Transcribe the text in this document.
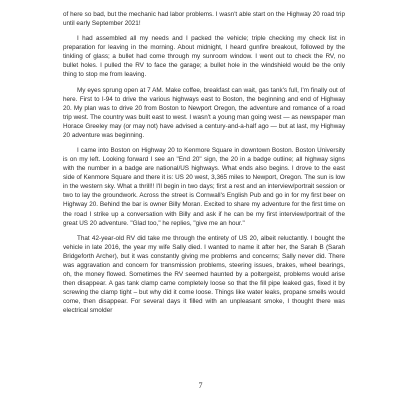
of here so bad, but the mechanic had labor problems. I wasn't able start on the Highway 20 road trip until early September 2021!

I had assembled all my needs and I packed the vehicle; triple checking my check list in preparation for leaving in the morning. About midnight, I heard gunfire breakout, followed by the tinkling of glass; a bullet had come through my sunroom window. I went out to check the RV, no bullet holes. I pulled the RV to face the garage; a bullet hole in the windshield would be the only thing to stop me from leaving.

My eyes sprung open at 7 AM. Make coffee, breakfast can wait, gas tank's full, I'm finally out of here. First to I-94 to drive the various highways east to Boston, the beginning and end of Highway 20. My plan was to drive 20 from Boston to Newport Oregon, the adventure and romance of a road trip west. The country was built east to west. I wasn't a young man going west — as newspaper man Horace Greeley may (or may not) have advised a century-and-a-half ago — but at last, my Highway 20 adventure was beginning.

I came into Boston on Highway 20 to Kenmore Square in downtown Boston. Boston University is on my left. Looking forward I see an "End 20" sign, the 20 in a badge outline; all highway signs with the number in a badge are national/US highways. What ends also begins. I drove to the east side of Kenmore Square and there it is: US 20 west, 3,365 miles to Newport, Oregon. The sun is low in the western sky. What a thrill!! I'll begin in two days; first a rest and an interview/portrait session or two to lay the groundwork. Across the street is Cornwall's English Pub and go in for my first beer on Highway 20. Behind the bar is owner Billy Moran. Excited to share my adventure for the first time on the road I strike up a conversation with Billy and ask if he can be my first interview/portrait of the great US 20 adventure. "Glad too," he replies, "give me an hour."

That 42-year-old RV did take me through the entirety of US 20, albeit reluctantly. I bought the vehicle in late 2016, the year my wife Sally died. I wanted to name it after her, the Sarah B (Sarah Bridgeforth Archer), but it was constantly giving me problems and concerns; Sally never did. There was aggravation and concern for transmission problems, steering issues, brakes, wheel bearings, oh, the money flowed. Sometimes the RV seemed haunted by a poltergeist, problems would arise then disappear. A gas tank clamp came completely loose so that the fill pipe leaked gas, fixed it by screwing the clamp tight – but why did it come loose. Things like water leaks, propane smells would come, then disappear. For several days it filled with an unpleasant smoke, I thought there was electrical smolder

7
